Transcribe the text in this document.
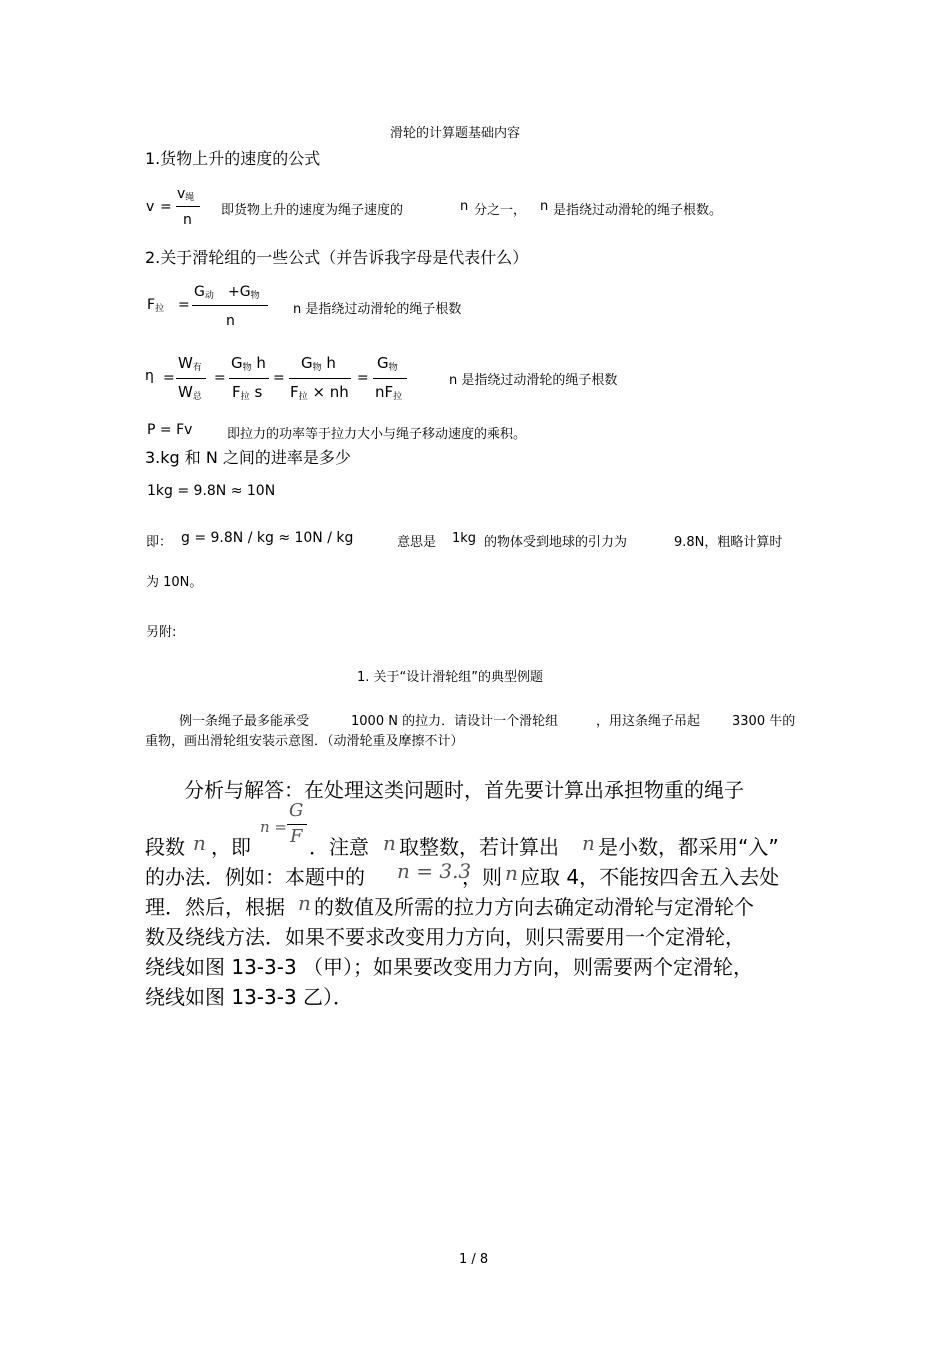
滑轮的计算题基础内容
1.货物上升的速度的公式
v =
$v_绳$
n
即货物上升的速度为绳子速度的	n 分之一， n 是指绕过动滑轮的绳子根数。
2.关于滑轮组的一些公式（并告诉我字母是代表什么）
$F_拉$ =
$G_动 +G_物$
n
n 是指绕过动滑轮的绳子根数
η =
$W_有$
$W_总$
=
$G_物$ h
$F_拉$ s
=
$G_物$ h
$F_拉$ × nh
=
$G_物$
$nF_拉$
n 是指绕过动滑轮的绳子根数
P = Fv	即拉力的功率等于拉力大小与绳子移动速度的乘积。
3.kg 和 N 之间的进率是多少
1kg = 9.8N ≈ 10N
即： g = 9.8N / kg ≈ 10N / kg	意思是 1kg 的物体受到地球的引力为	9.8N，粗略计算时
为 10N。
另附:
1. 关于“设计滑轮组”的典型例题
例一条绳子最多能承受	1000 N 的拉力．请设计一个滑轮组	，用这条绳子吊起 3300 牛的
重物，画出滑轮组安装示意图．（动滑轮重及摩擦不计）
分析与解答：在处理这类问题时，首先要计算出承担物重的绳子
段数 n ，即
n =
G
F ．注意 n 取整数，若计算出 n 是小数，都采用“入”
的办法．例如：本题中的 n = 3.3
，则 n 应取 4，不能按四舍五入去处
理．然后，根据 n 的数值及所需的拉力方向去确定动滑轮与定滑轮个
数及绕线方法．如果不要求改变用力方向，则只需要用一个定滑轮，
绕线如图 13-3-3 （甲）；如果要改变用力方向，则需要两个定滑轮，
绕线如图 13-3-3 乙）．
1 / 8
